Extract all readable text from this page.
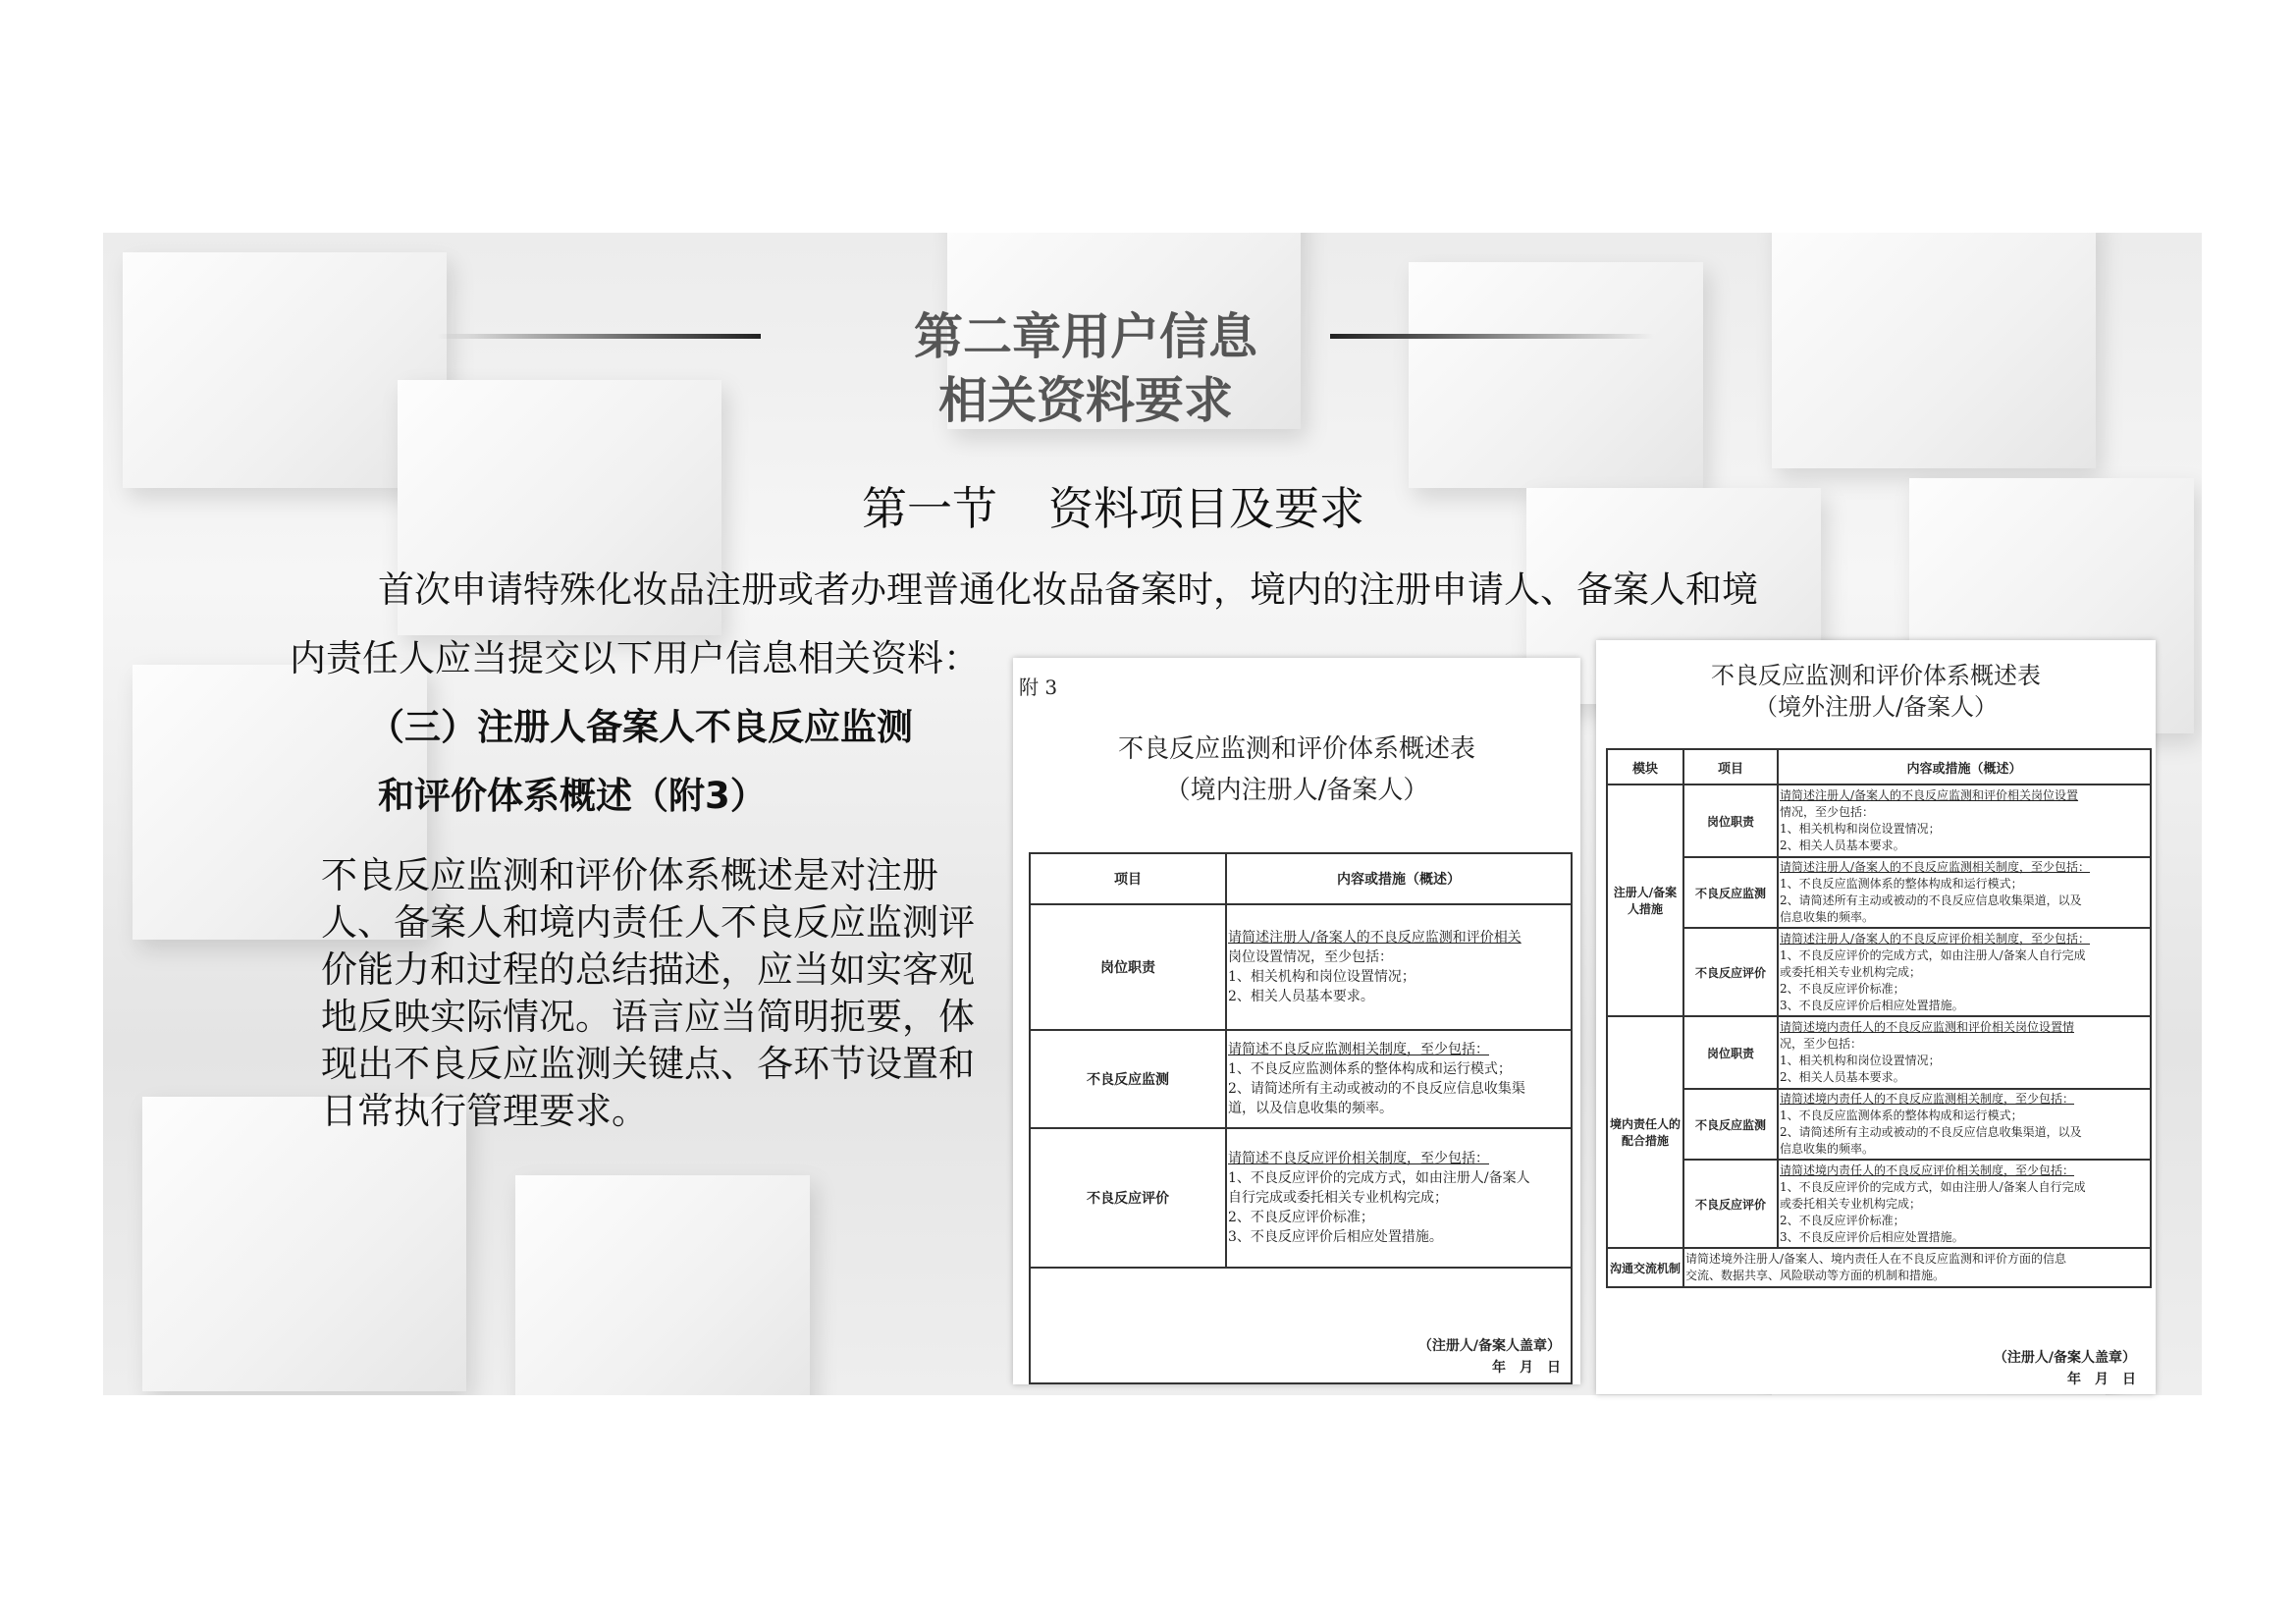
第二章用户信息
相关资料要求
第一节 资料项目及要求
首次申请特殊化妆品注册或者办理普通化妆品备案时，境内的注册申请人、备案人和境
内责任人应当提交以下用户信息相关资料：
（三）注册人备案人不良反应监测
和评价体系概述（附3）
不良反应监测和评价体系概述是对注册人、备案人和境内责任人不良反应监测评价能力和过程的总结描述，应当如实客观地反映实际情况。语言应当简明扼要，体现出不良反应监测关键点、各环节设置和日常执行管理要求。
附 3
不良反应监测和评价体系概述表
（境内注册人/备案人）
项目	内容或措施（概述）
岗位职责	请简述注册人/备案人的不良反应监测和评价相关
岗位设置情况，至少包括：
1、相关机构和岗位设置情况；
2、相关人员基本要求。

不良反应监测	请简述不良反应监测相关制度，至少包括：
1、不良反应监测体系的整体构成和运行模式；
2、请简述所有主动或被动的不良反应信息收集渠
道，以及信息收集的频率。

不良反应评价	请简述不良反应评价相关制度，至少包括：
1、不良反应评价的完成方式，如由注册人/备案人
自行完成或委托相关专业机构完成；
2、不良反应评价标准；
3、不良反应评价后相应处置措施。

（注册人/备案人盖章）
年　月　日	
不良反应监测和评价体系概述表
（境外注册人/备案人）
模块	项目	内容或措施（概述）
注册人/备案人措施	岗位职责	请简述注册人/备案人的不良反应监测和评价相关岗位设置
情况，至少包括：
1、相关机构和岗位设置情况；
2、相关人员基本要求。

	不良反应监测	请简述注册人/备案人的不良反应监测相关制度，至少包括：
1、不良反应监测体系的整体构成和运行模式；
2、请简述所有主动或被动的不良反应信息收集渠道，以及
信息收集的频率。

	不良反应评价	请简述注册人/备案人的不良反应评价相关制度，至少包括：
1、不良反应评价的完成方式，如由注册人/备案人自行完成
或委托相关专业机构完成；
2、不良反应评价标准；
3、不良反应评价后相应处置措施。

境内责任人的配合措施	岗位职责	请简述境内责任人的不良反应监测和评价相关岗位设置情
况，至少包括：
1、相关机构和岗位设置情况；
2、相关人员基本要求。

	不良反应监测	请简述境内责任人的不良反应监测相关制度，至少包括：
1、不良反应监测体系的整体构成和运行模式；
2、请简述所有主动或被动的不良反应信息收集渠道，以及
信息收集的频率。

	不良反应评价	请简述境内责任人的不良反应评价相关制度，至少包括：
1、不良反应评价的完成方式，如由注册人/备案人自行完成
或委托相关专业机构完成；
2、不良反应评价标准；
3、不良反应评价后相应处置措施。

沟通交流机制	请简述境外注册人/备案人、境内责任人在不良反应监测和评价方面的信息
交流、数据共享、风险联动等方面的机制和措施。	
（注册人/备案人盖章）
年　月　日
